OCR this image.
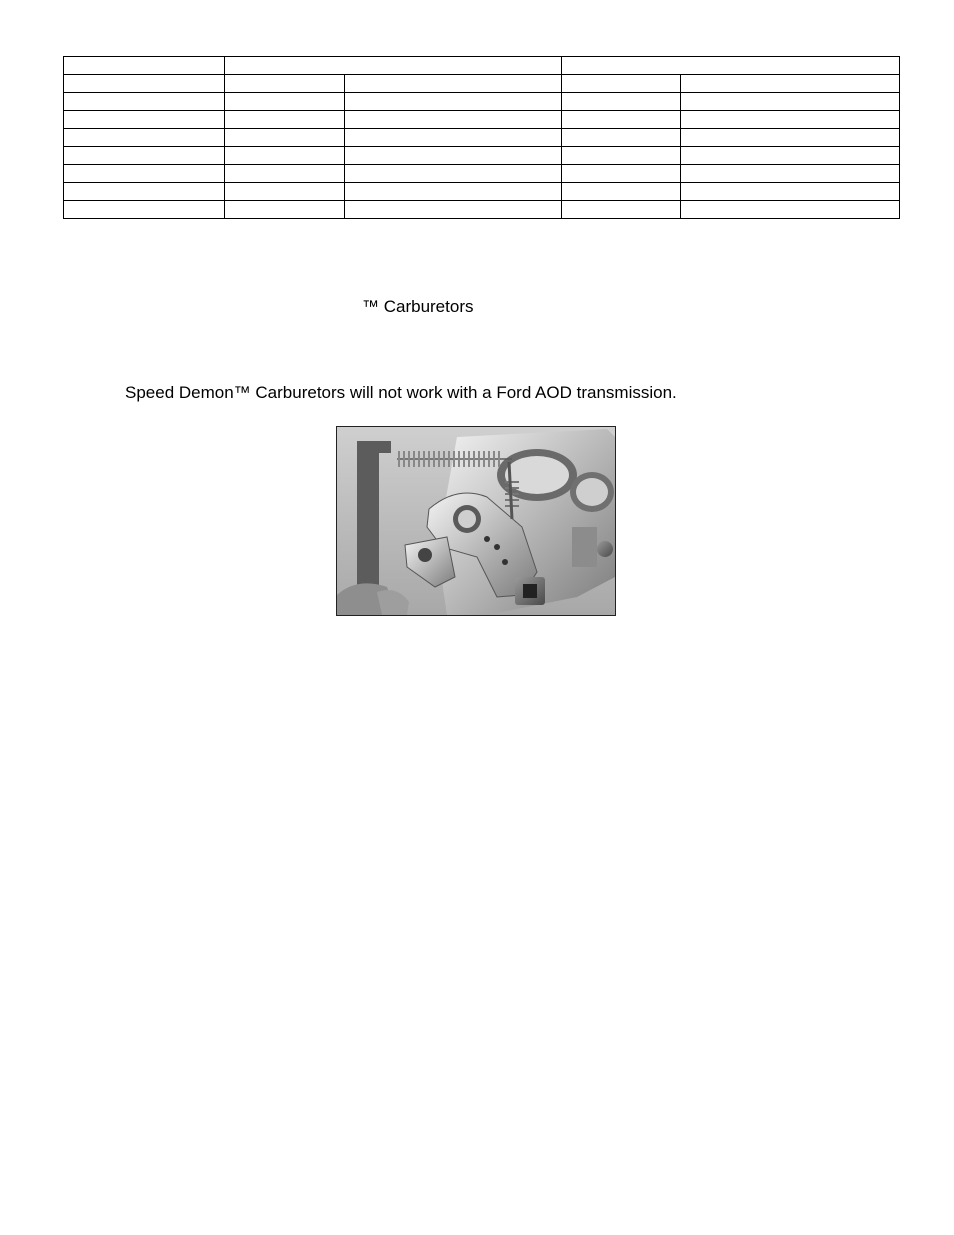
™ Carburetors
Speed Demon™ Carburetors will not work with a Ford AOD transmission.
